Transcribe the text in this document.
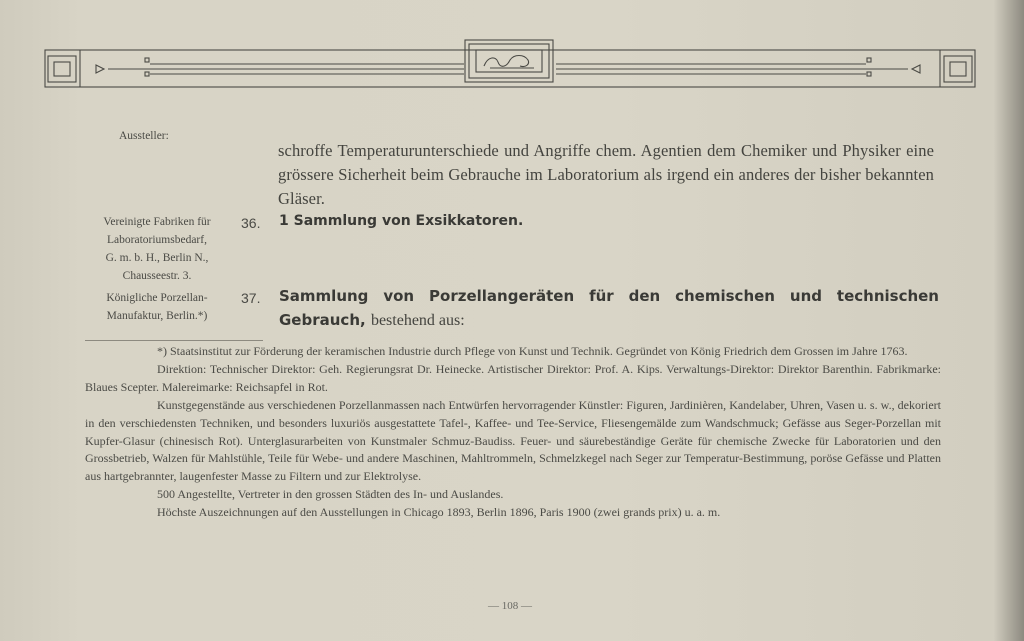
Aussteller:
schroffe Temperaturunterschiede und Angriffe chem. Agentien dem Chemiker und Physiker eine grössere Sicherheit beim Gebrauche im Laboratorium als irgend ein anderes der bisher bekannten Gläser.
Vereinigte Fabriken für
Laboratoriumsbedarf,
G. m. b. H., Berlin N.,
Chausseestr. 3.
36. 1 Sammlung von Exsikkatoren.
Königliche Porzellan-
Manufaktur, Berlin.*)
37. Sammlung von Porzellangeräten für den chemischen und technischen Gebrauch, bestehend aus:

*) Staatsinstitut zur Förderung der keramischen Industrie durch Pflege von Kunst und Technik. Gegründet von König Friedrich dem Grossen im Jahre 1763.

Direktion: Technischer Direktor: Geh. Regierungsrat Dr. Heinecke. Artistischer Direktor: Prof. A. Kips. Verwaltungs-Direktor: Direktor Barenthin. Fabrikmarke: Blaues Scepter. Malereimarke: Reichsapfel in Rot.

Kunstgegenstände aus verschiedenen Porzellanmassen nach Entwürfen hervorragender Künstler: Figuren, Jardinièren, Kandelaber, Uhren, Vasen u. s. w., dekoriert in den verschiedensten Techniken, und besonders luxuriös ausgestattete Tafel-, Kaffee- und Tee-Service, Fliesengemälde zum Wandschmuck; Gefässe aus Seger-Porzellan mit Kupfer-Glasur (chinesisch Rot). Unterglasurarbeiten von Kunstmaler Schmuz-Baudiss. Feuer- und säurebeständige Geräte für chemische Zwecke für Laboratorien und den Grossbetrieb, Walzen für Mahlstühle, Teile für Webe- und andere Maschinen, Mahltrommeln, Schmelzkegel nach Seger zur Temperatur-Bestimmung, poröse Gefässe und Platten aus hartgebrannter, laugenfester Masse zu Filtern und zur Elektrolyse.

500 Angestellte, Vertreter in den grossen Städten des In- und Auslandes.

Höchste Auszeichnungen auf den Ausstellungen in Chicago 1893, Berlin 1896, Paris 1900 (zwei grands prix) u. a. m.

— 108 —
